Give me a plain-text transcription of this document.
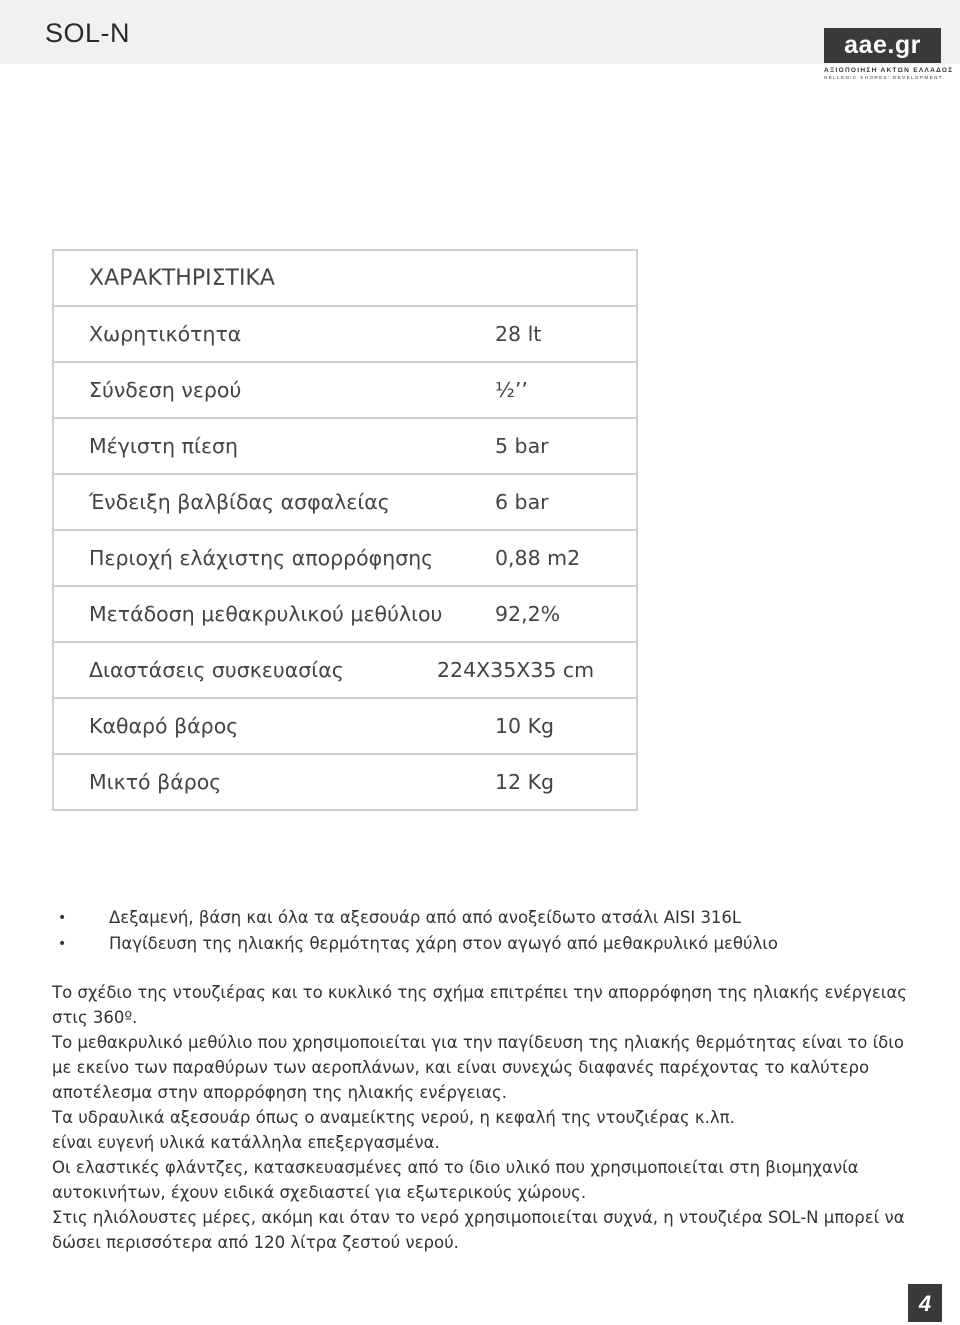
SOL-N	aae.gr
ΑΞΙΟΠΟΙΗΣΗ ΑΚΤΩΝ ΕΛΛΑΔΟΣ
HELLENIC SHORES' DEVELOPMENT
ΧΑΡΑΚΤΗΡΙΣΤΙΚΑ
Χωρητικότητα	28 lt
Σύνδεση νερού	½’’
Μέγιστη πίεση	5 bar
Ένδειξη βαλβίδας ασφαλείας	6 bar
Περιοχή ελάχιστης απορρόφησης	0,88 m2
Μετάδοση μεθακρυλικού μεθύλιου	92,2%
Διαστάσεις συσκευασίας	224X35X35 cm
Καθαρό βάρος	10 Kg
Μικτό βάρος	12 Kg
•	Δεξαμενή, βάση και όλα τα αξεσουάρ από από ανοξείδωτο ατσάλι AISI 316L
•	Παγίδευση της ηλιακής θερμότητας χάρη στον αγωγό από μεθακρυλικό μεθύλιο

Το σχέδιο της ντουζιέρας και το κυκλικό της σχήμα επιτρέπει την απορρόφηση της ηλιακής ενέργειας στις 360º.

Το μεθακρυλικό μεθύλιο που χρησιμοποιείται για την παγίδευση της ηλιακής θερμότητας είναι το ίδιο με εκείνο των παραθύρων των αεροπλάνων, και είναι συνεχώς διαφανές παρέχοντας το καλύτερο αποτέλεσμα στην απορρόφηση της ηλιακής ενέργειας.

Τα υδραυλικά αξεσουάρ όπως ο αναμείκτης νερού, η κεφαλή της ντουζιέρας κ.λπ.

είναι ευγενή υλικά κατάλληλα επεξεργασμένα.

Οι ελαστικές φλάντζες, κατασκευασμένες από το ίδιο υλικό που χρησιμοποιείται στη βιομηχανία αυτοκινήτων, έχουν ειδικά σχεδιαστεί για εξωτερικούς χώρους.

Στις ηλιόλουστες μέρες, ακόμη και όταν το νερό χρησιμοποιείται συχνά, η ντουζιέρα SOL-N μπορεί να δώσει περισσότερα από 120 λίτρα ζεστού νερού.

4
